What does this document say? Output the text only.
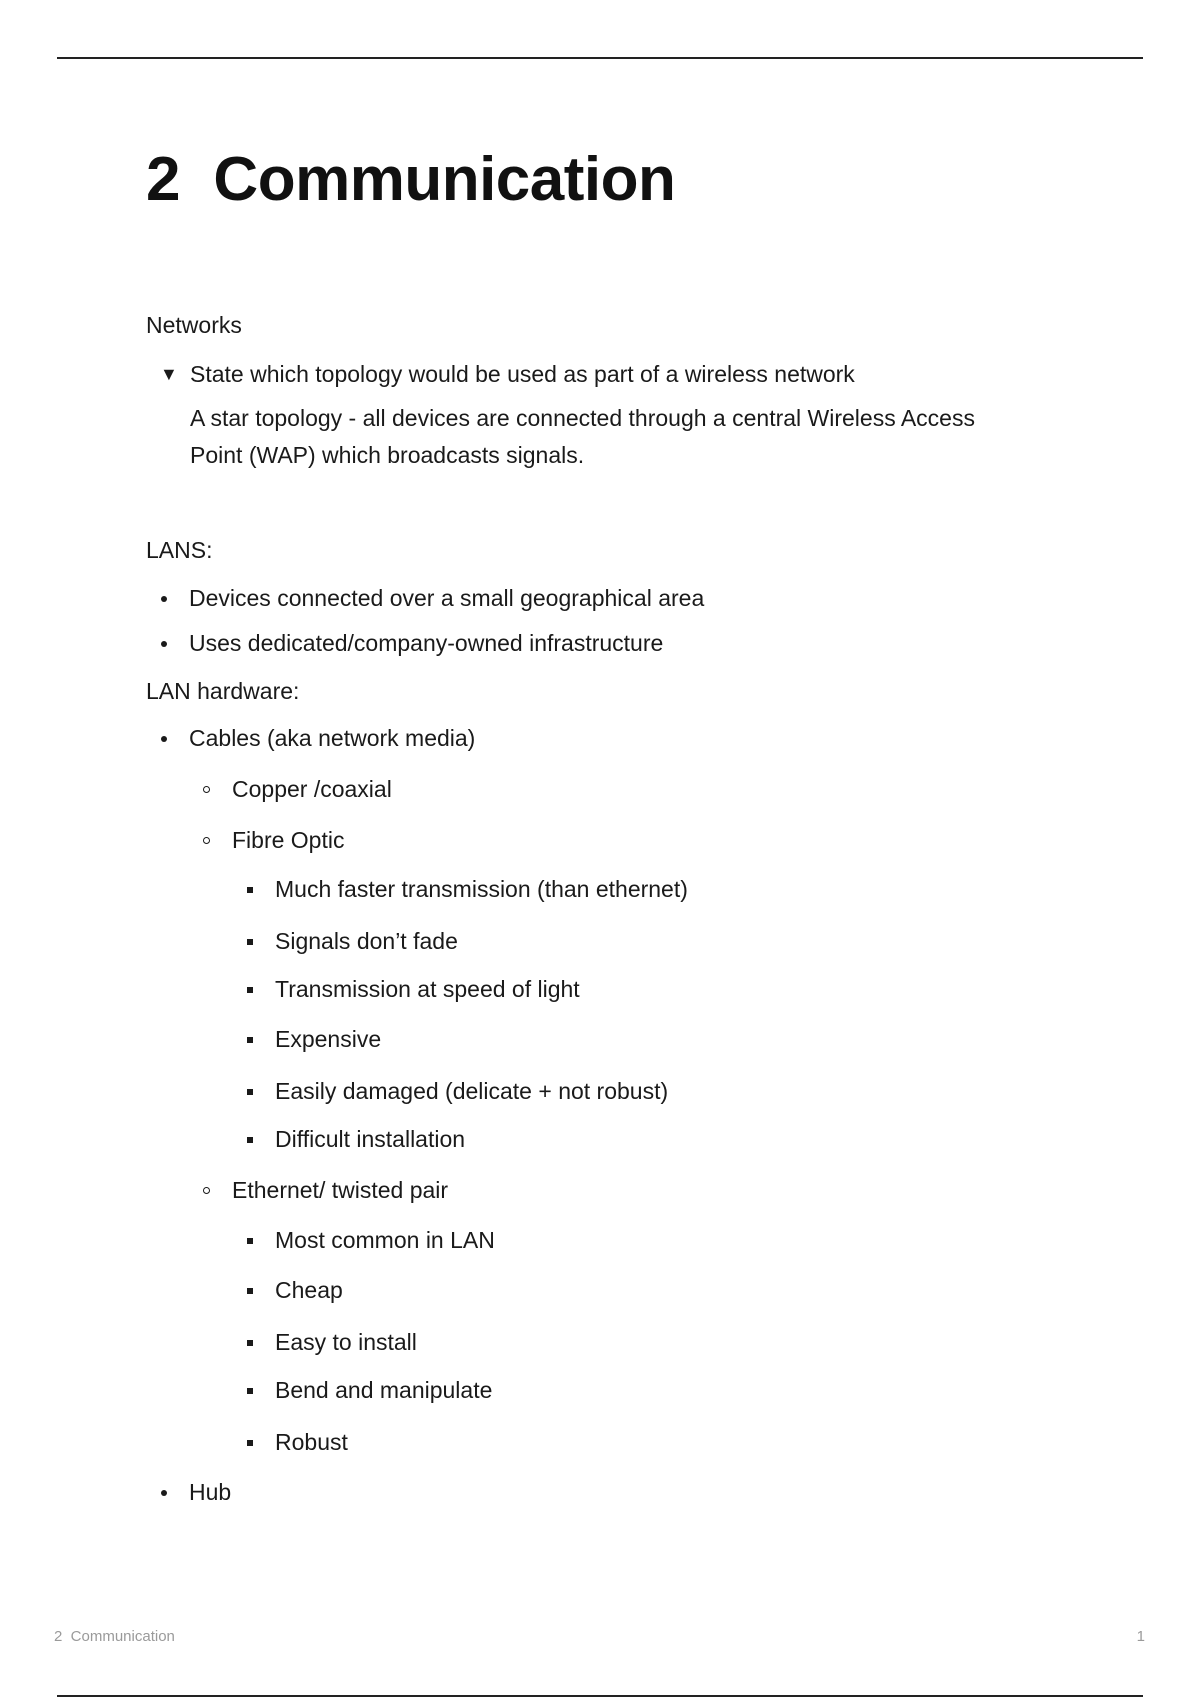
2  Communication

Networks

▼ State which topology would be used as part of a wireless network
A star topology - all devices are connected through a central Wireless Access Point (WAP) which broadcasts signals.

LANS:

Devices connected over a small geographical area
Uses dedicated/company-owned infrastructure

LAN hardware:

Cables (aka network media)
Copper /coaxial
Fibre Optic
Much faster transmission (than ethernet)
Signals don’t fade
Transmission at speed of light
Expensive
Easily damaged (delicate + not robust)
Difficult installation
Ethernet/ twisted pair
Most common in LAN
Cheap
Easy to install
Bend and manipulate
Robust
Hub
2  Communication	1
